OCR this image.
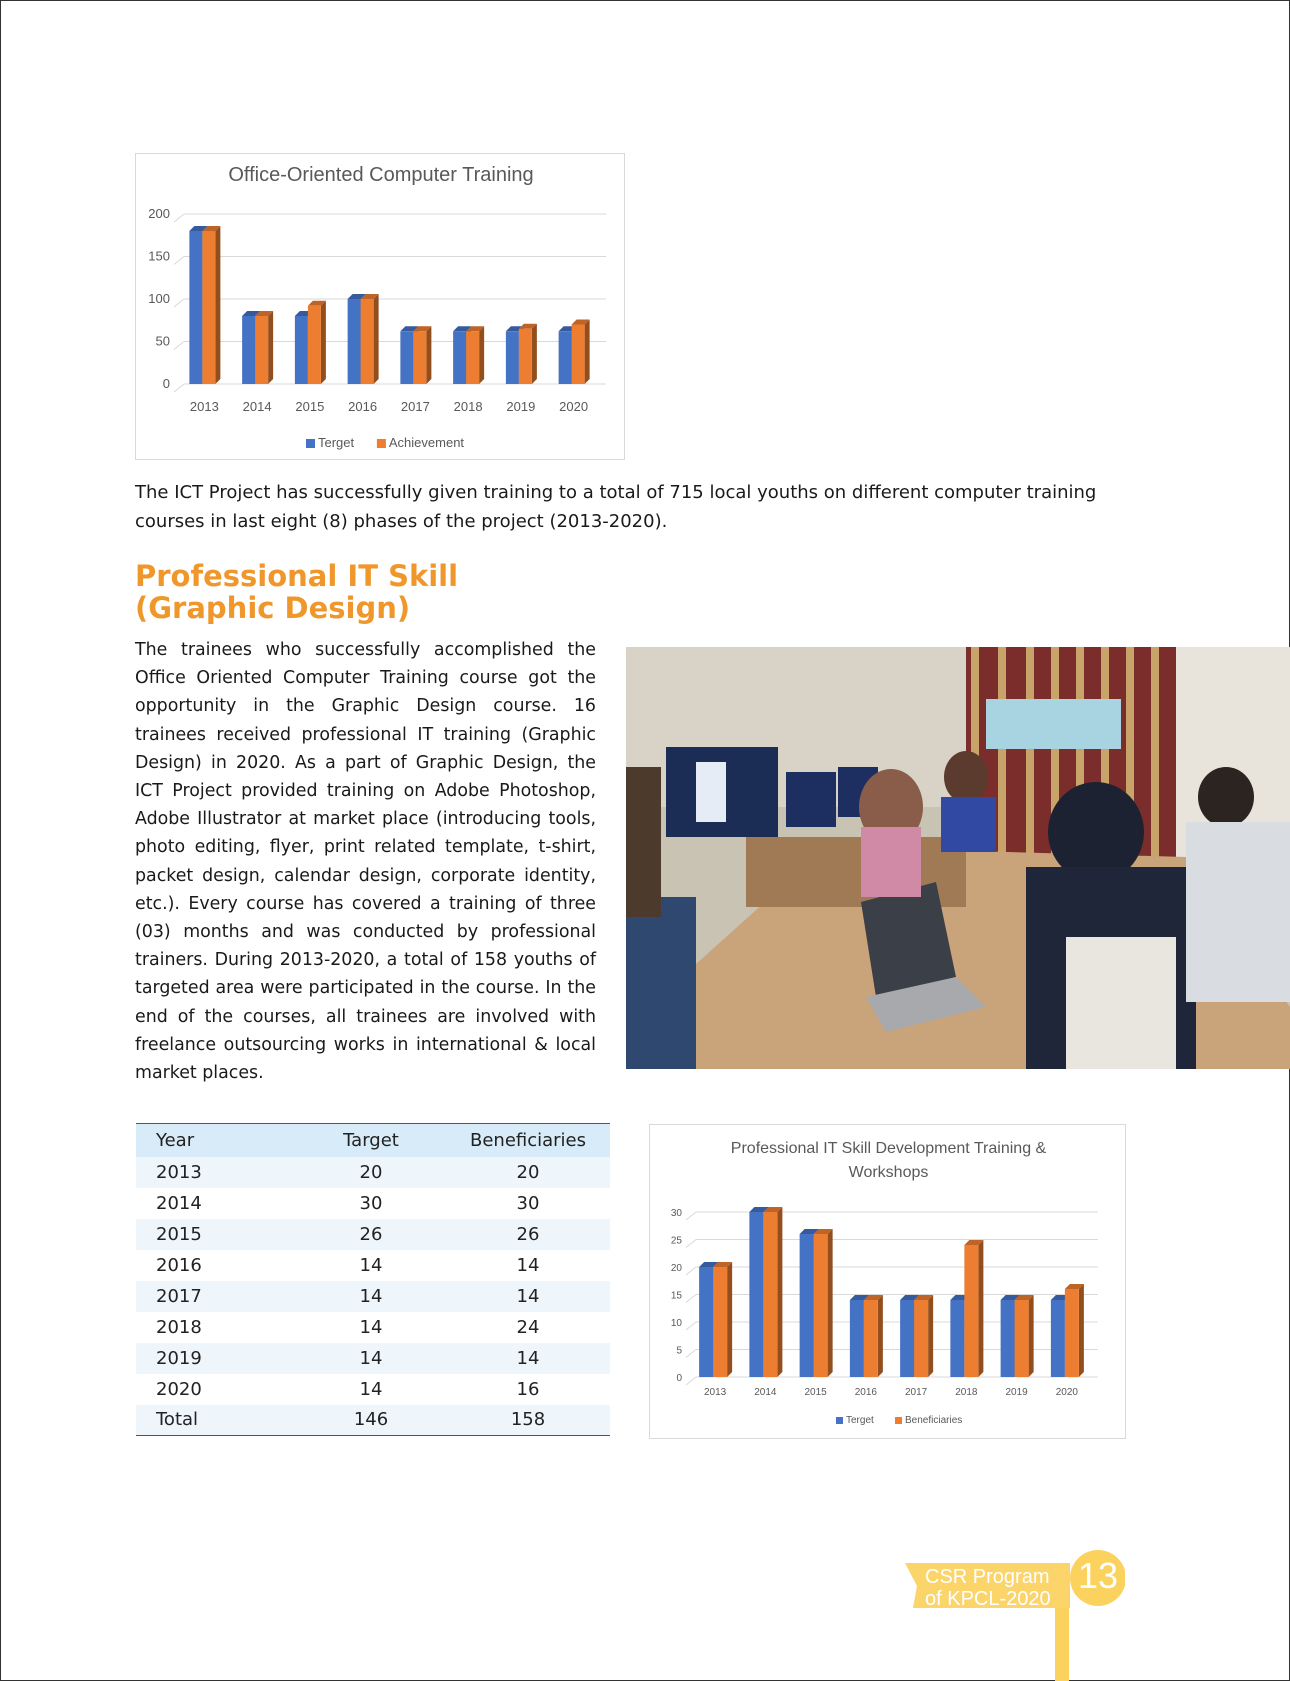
Office-Oriented Computer Training
0
50
100
150
200
2013 2014 2015 2016 2017 2018 2019 2020
Terget	Achievement

The ICT Project has successfully given training to a total of 715 local youths on different computer training courses in last eight (8) phases of the project (2013-2020).

Professional IT Skill (Graphic Design)

The trainees who successfully accomplished the Office Oriented Computer Training course got the opportunity in the Graphic Design course. 16 trainees received professional IT training (Graphic Design) in 2020. As a part of Graphic Design, the ICT Project provided training on Adobe Photoshop, Adobe Illustrator at market place (introducing tools, photo editing, flyer, print related template, t-shirt, packet design, calendar design, corporate identity, etc.). Every course has covered a training of three (03) months and was conducted by professional trainers. During 2013-2020, a total of 158 youths of targeted area were participated in the course. In the end of the courses, all trainees are involved with freelance outsourcing works in international & local market places.

Year	Target	Beneficiaries
2013	20	20
2014	30	30
2015	26	26
2016	14	14
2017	14	14
2018	14	24
2019	14	14
2020	14	16
Total	146	158
Professional IT Skill Development Training &
Workshops
0
5
10
15
20
25
30
2013	2014	2015	2016	2017	2018	2019	2020
Terget	Beneficiaries
CSR Program
of KPCL-2020
13
